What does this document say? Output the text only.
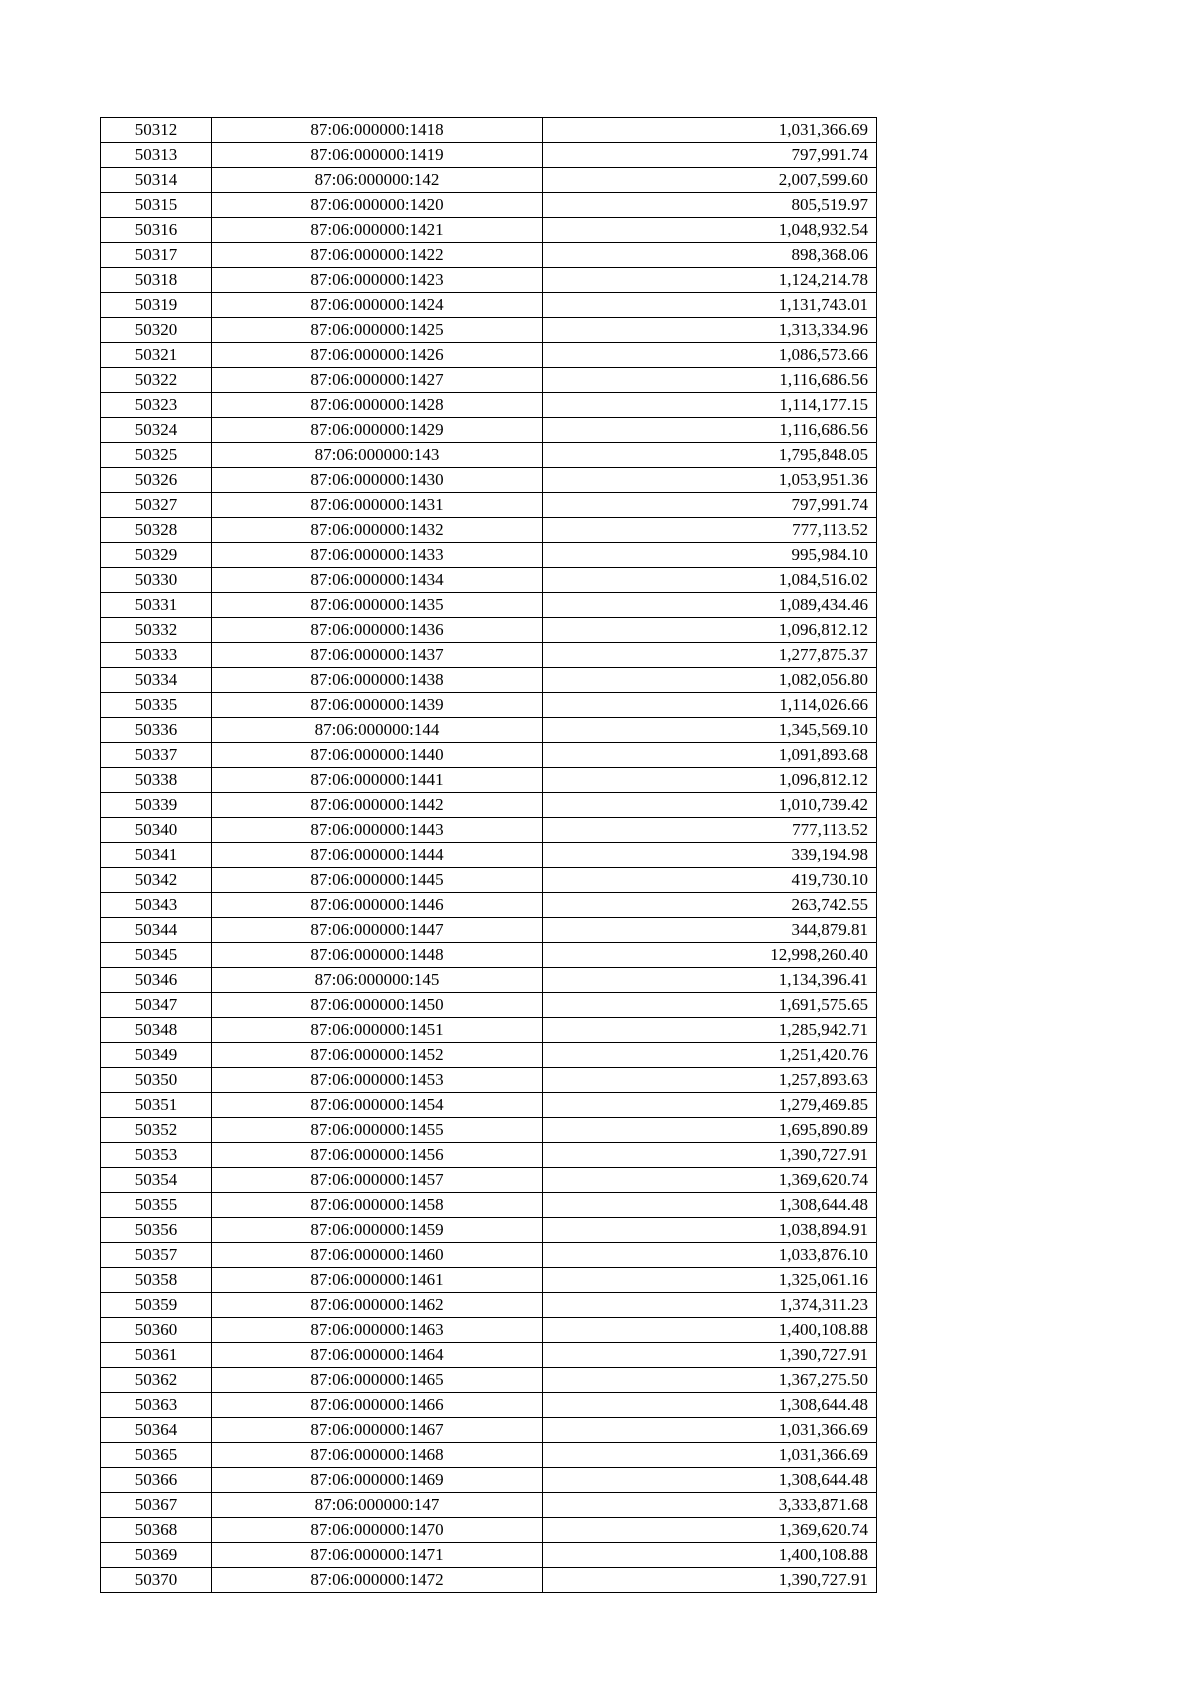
50312	87:06:000000:1418	1,031,366.69
50313	87:06:000000:1419	797,991.74
50314	87:06:000000:142	2,007,599.60
50315	87:06:000000:1420	805,519.97
50316	87:06:000000:1421	1,048,932.54
50317	87:06:000000:1422	898,368.06
50318	87:06:000000:1423	1,124,214.78
50319	87:06:000000:1424	1,131,743.01
50320	87:06:000000:1425	1,313,334.96
50321	87:06:000000:1426	1,086,573.66
50322	87:06:000000:1427	1,116,686.56
50323	87:06:000000:1428	1,114,177.15
50324	87:06:000000:1429	1,116,686.56
50325	87:06:000000:143	1,795,848.05
50326	87:06:000000:1430	1,053,951.36
50327	87:06:000000:1431	797,991.74
50328	87:06:000000:1432	777,113.52
50329	87:06:000000:1433	995,984.10
50330	87:06:000000:1434	1,084,516.02
50331	87:06:000000:1435	1,089,434.46
50332	87:06:000000:1436	1,096,812.12
50333	87:06:000000:1437	1,277,875.37
50334	87:06:000000:1438	1,082,056.80
50335	87:06:000000:1439	1,114,026.66
50336	87:06:000000:144	1,345,569.10
50337	87:06:000000:1440	1,091,893.68
50338	87:06:000000:1441	1,096,812.12
50339	87:06:000000:1442	1,010,739.42
50340	87:06:000000:1443	777,113.52
50341	87:06:000000:1444	339,194.98
50342	87:06:000000:1445	419,730.10
50343	87:06:000000:1446	263,742.55
50344	87:06:000000:1447	344,879.81
50345	87:06:000000:1448	12,998,260.40
50346	87:06:000000:145	1,134,396.41
50347	87:06:000000:1450	1,691,575.65
50348	87:06:000000:1451	1,285,942.71
50349	87:06:000000:1452	1,251,420.76
50350	87:06:000000:1453	1,257,893.63
50351	87:06:000000:1454	1,279,469.85
50352	87:06:000000:1455	1,695,890.89
50353	87:06:000000:1456	1,390,727.91
50354	87:06:000000:1457	1,369,620.74
50355	87:06:000000:1458	1,308,644.48
50356	87:06:000000:1459	1,038,894.91
50357	87:06:000000:1460	1,033,876.10
50358	87:06:000000:1461	1,325,061.16
50359	87:06:000000:1462	1,374,311.23
50360	87:06:000000:1463	1,400,108.88
50361	87:06:000000:1464	1,390,727.91
50362	87:06:000000:1465	1,367,275.50
50363	87:06:000000:1466	1,308,644.48
50364	87:06:000000:1467	1,031,366.69
50365	87:06:000000:1468	1,031,366.69
50366	87:06:000000:1469	1,308,644.48
50367	87:06:000000:147	3,333,871.68
50368	87:06:000000:1470	1,369,620.74
50369	87:06:000000:1471	1,400,108.88
50370	87:06:000000:1472	1,390,727.91
